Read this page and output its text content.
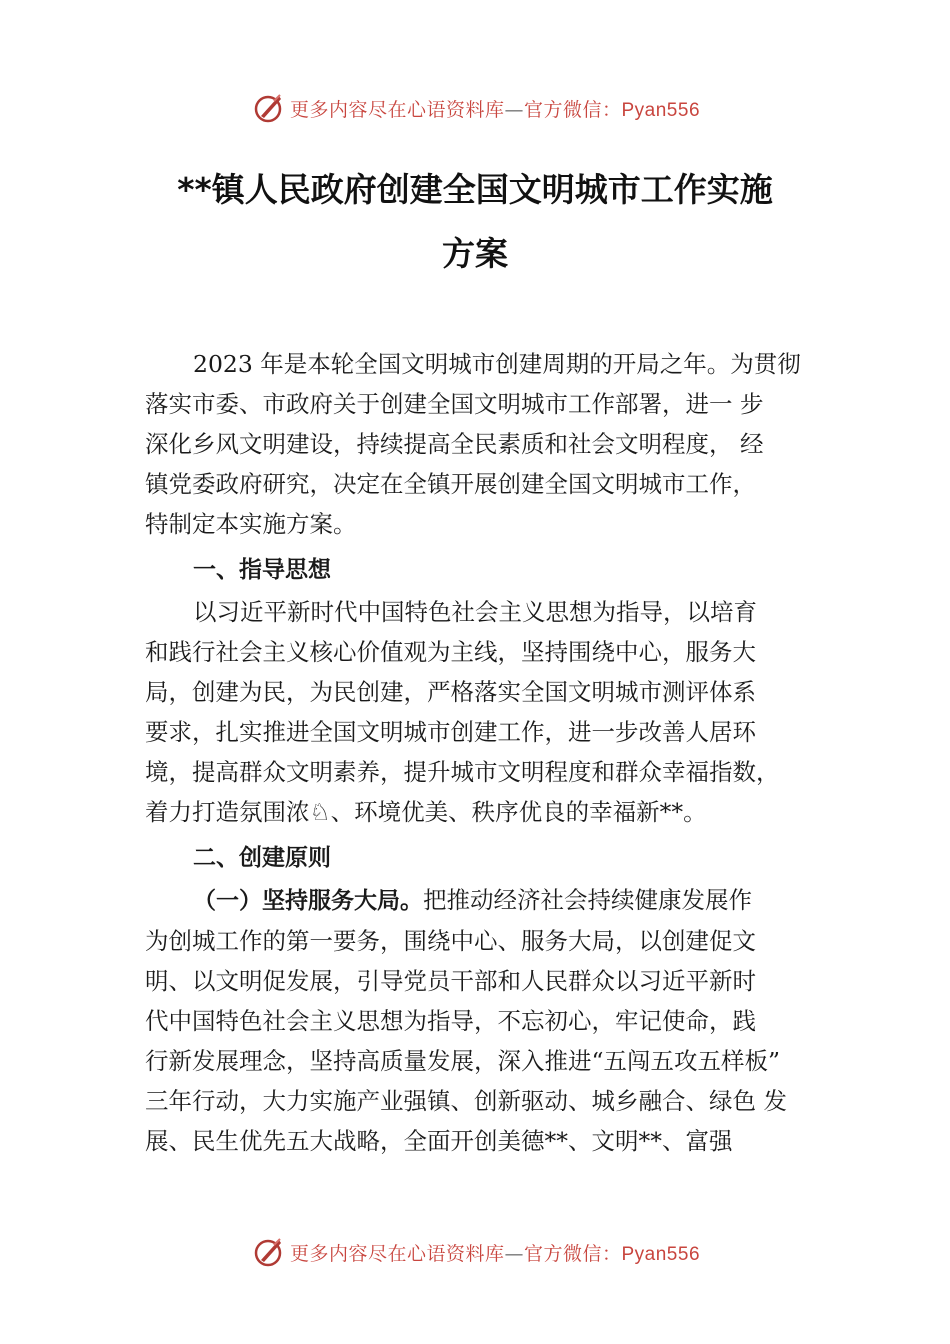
更多内容尽在心语资料库—官方微信：Pyan556
**镇人民政府创建全国文明城市工作实施
方案
2023 年是本轮全国文明城市创建周期的开局之年。为贯彻
落实市委、市政府关于创建全国文明城市工作部署，进一 步
深化乡风文明建设，持续提高全民素质和社会文明程度， 经
镇党委政府研究，决定在全镇开展创建全国文明城市工作，
特制定本实施方案。
一、指导思想
以习近平新时代中国特色社会主义思想为指导，以培育
和践行社会主义核心价值观为主线，坚持围绕中心，服务大
局，创建为民，为民创建，严格落实全国文明城市测评体系
要求，扎实推进全国文明城市创建工作，进一步改善人居环
境，提高群众文明素养，提升城市文明程度和群众幸福指数，
着力打造氛围浓♘、环境优美、秩序优良的幸福新**。
二、创建原则
（一）坚持服务大局。把推动经济社会持续健康发展作
为创城工作的第一要务，围绕中心、服务大局，以创建促文
明、以文明促发展，引导党员干部和人民群众以习近平新时
代中国特色社会主义思想为指导，不忘初心，牢记使命，践
行新发展理念，坚持高质量发展，深入推进“五闯五攻五样板”
三年行动，大力实施产业强镇、创新驱动、城乡融合、绿色 发
展、民生优先五大战略，全面开创美德**、文明**、富强
更多内容尽在心语资料库—官方微信：Pyan556
